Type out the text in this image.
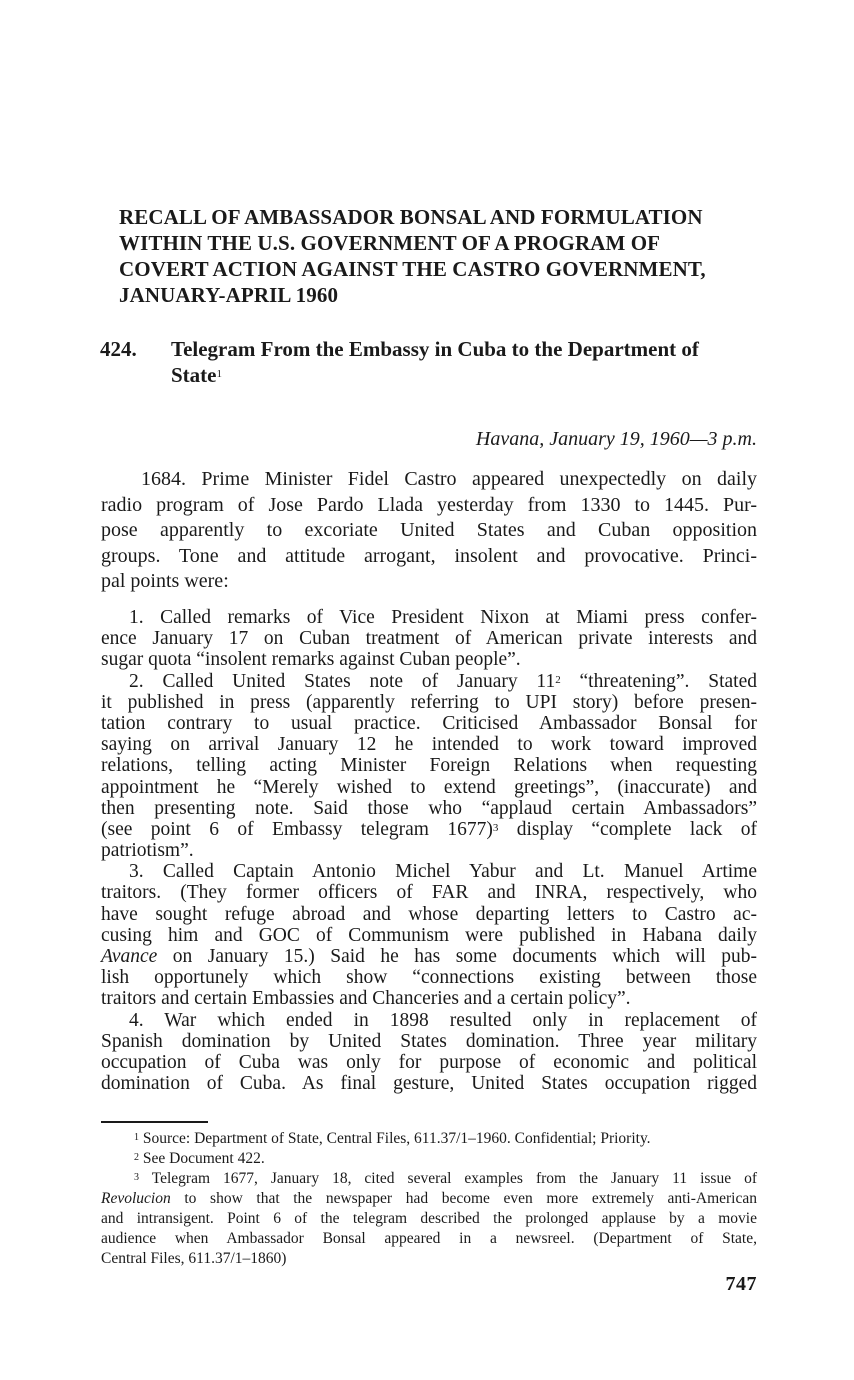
RECALL OF AMBASSADOR BONSAL AND FORMULATION
WITHIN THE U.S. GOVERNMENT OF A PROGRAM OF
COVERT ACTION AGAINST THE CASTRO GOVERNMENT,
JANUARY-APRIL 1960
424. Telegram From the Embassy in Cuba to the Department of
State$^1$
Havana, January 19, 1960—3 p.m.
1684. Prime Minister Fidel Castro appeared unexpectedly on daily
radio program of Jose Pardo Llada yesterday from 1330 to 1445. Pur-
pose apparently to excoriate United States and Cuban opposition
groups. Tone and attitude arrogant, insolent and provocative. Princi-
pal points were:
1. Called remarks of Vice President Nixon at Miami press confer-
ence January 17 on Cuban treatment of American private interests and
sugar quota “insolent remarks against Cuban people”.
2. Called United States note of January $11^2$ “threatening”. Stated
it published in press (apparently referring to UPI story) before presen-
tation contrary to usual practice. Criticised Ambassador Bonsal for
saying on arrival January 12 he intended to work toward improved
relations, telling acting Minister Foreign Relations when requesting
appointment he “Merely wished to extend greetings”, (inaccurate) and
then presenting note. Said those who “applaud certain Ambassadors”
(see point 6 of Embassy telegram 1677)$^3$ display “complete lack of
patriotism”.
3. Called Captain Antonio Michel Yabur and Lt. Manuel Artime
traitors. (They former officers of FAR and INRA, respectively, who
have sought refuge abroad and whose departing letters to Castro ac-
cusing him and GOC of Communism were published in Habana daily
Avance on January 15.) Said he has some documents which will pub-
lish opportunely which show “connections existing between those
traitors and certain Embassies and Chanceries and a certain policy”.
4. War which ended in 1898 resulted only in replacement of
Spanish domination by United States domination. Three year military
occupation of Cuba was only for purpose of economic and political
domination of Cuba. As final gesture, United States occupation rigged
$^1$ Source: Department of State, Central Files, 611.37/1–1960. Confidential; Priority.
$^2$ See Document 422.
$^3$ Telegram 1677, January 18, cited several examples from the January 11 issue of
Revolucion to show that the newspaper had become even more extremely anti-American
and intransigent. Point 6 of the telegram described the prolonged applause by a movie
audience when Ambassador Bonsal appeared in a newsreel. (Department of State,
Central Files, 611.37/1–1860)
747
